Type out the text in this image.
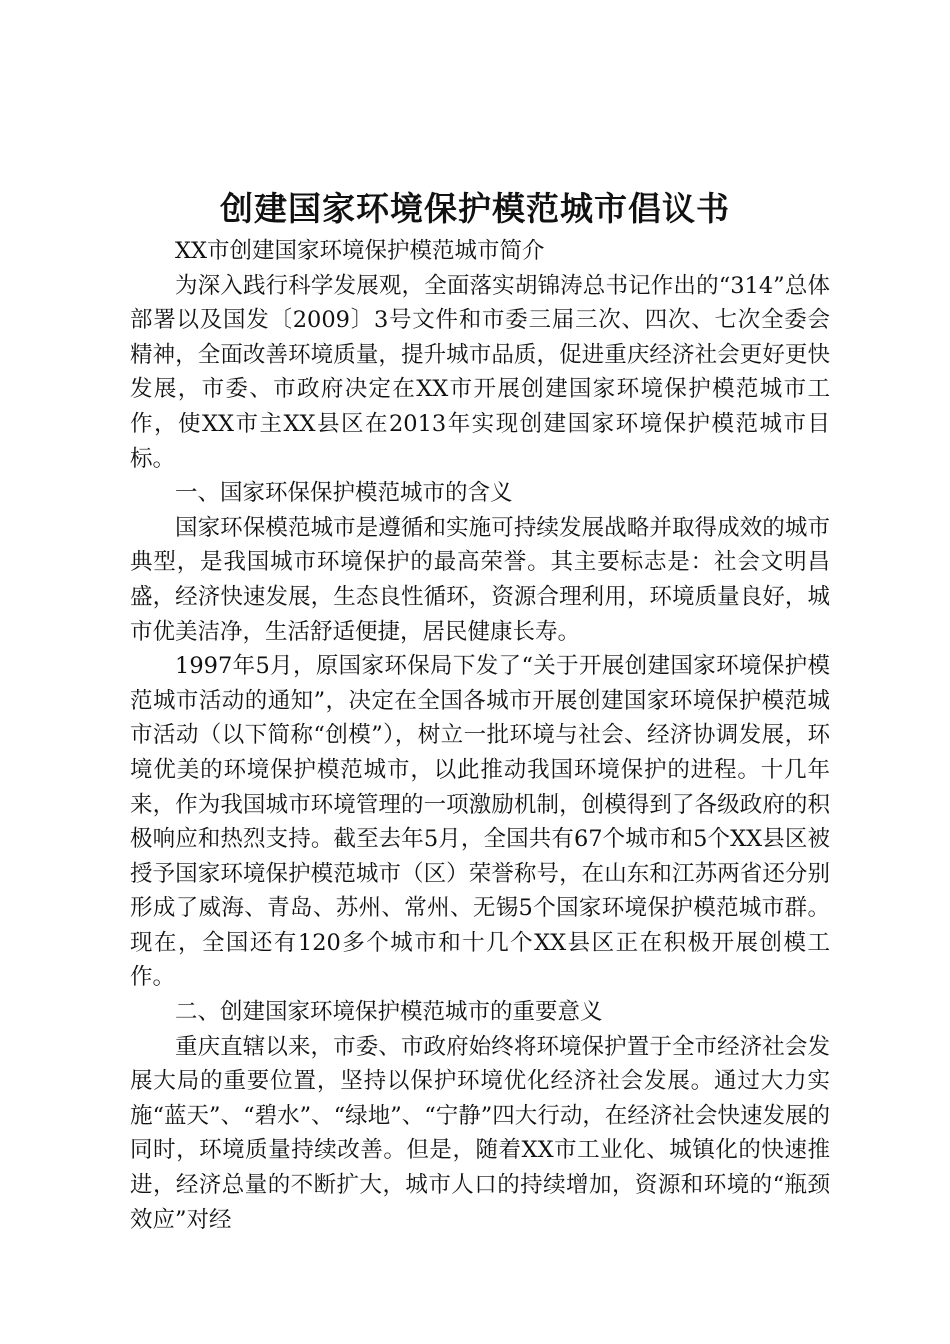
创建国家环境保护模范城市倡议书

XX市创建国家环境保护模范城市简介

为深入践行科学发展观，全面落实胡锦涛总书记作出的“314”总体部署以及国发〔2009〕3号文件和市委三届三次、四次、七次全委会精神，全面改善环境质量，提升城市品质，促进重庆经济社会更好更快发展，市委、市政府决定在XX市开展创建国家环境保护模范城市工作，使XX市主XX县区在2013年实现创建国家环境保护模范城市目标。

一、国家环保保护模范城市的含义

国家环保模范城市是遵循和实施可持续发展战略并取得成效的城市典型，是我国城市环境保护的最高荣誉。其主要标志是：社会文明昌盛，经济快速发展，生态良性循环，资源合理利用，环境质量良好，城市优美洁净，生活舒适便捷，居民健康长寿。

1997年5月，原国家环保局下发了“关于开展创建国家环境保护模范城市活动的通知”，决定在全国各城市开展创建国家环境保护模范城市活动（以下简称“创模”），树立一批环境与社会、经济协调发展，环境优美的环境保护模范城市，以此推动我国环境保护的进程。十几年来，作为我国城市环境管理的一项激励机制，创模得到了各级政府的积极响应和热烈支持。截至去年5月，全国共有67个城市和5个XX县区被授予国家环境保护模范城市（区）荣誉称号，在山东和江苏两省还分别形成了威海、青岛、苏州、常州、无锡5个国家环境保护模范城市群。现在，全国还有120多个城市和十几个XX县区正在积极开展创模工作。

二、创建国家环境保护模范城市的重要意义

重庆直辖以来，市委、市政府始终将环境保护置于全市经济社会发展大局的重要位置，坚持以保护环境优化经济社会发展。通过大力实施“蓝天”、“碧水”、“绿地”、“宁静”四大行动，在经济社会快速发展的同时，环境质量持续改善。但是，随着XX市工业化、城镇化的快速推进，经济总量的不断扩大，城市人口的持续增加，资源和环境的“瓶颈效应”对经
